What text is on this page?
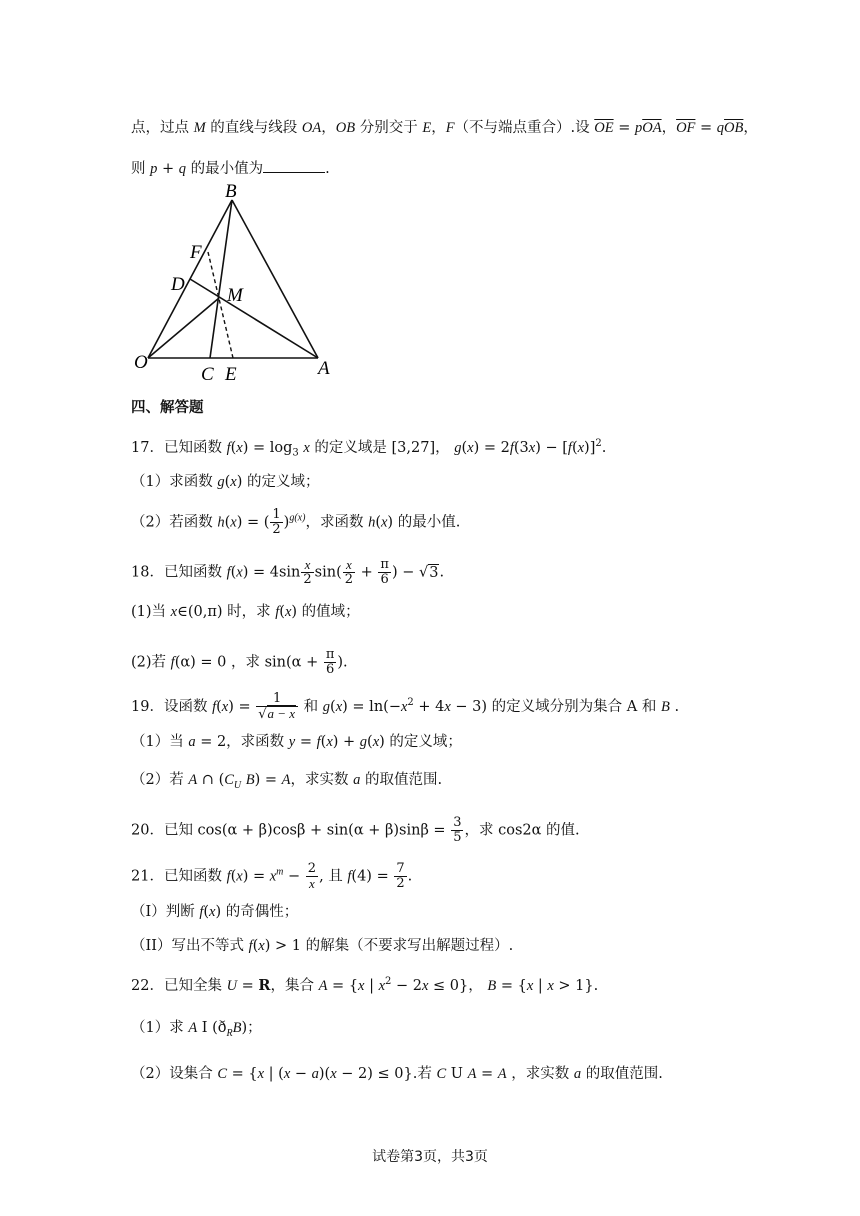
点，过点 M 的直线与线段 OA，OB 分别交于 E，F（不与端点重合）.设 $\overline{OE} = p\overline{OA}$，$\overline{OF} = q\overline{OB}$，
则 p + q 的最小值为	.
B
F
D
M
O
C E	A
四、解答题
17．已知函数 $f(x) = \log_3 x$ 的定义域是 [3,27]， $g(x) = 2f(3x) - [f(x)]^2$.
（1）求函数 g(x) 的定义域；
（2）若函数 h(x) = ( $\frac{1}{2} )^{g(x)}$，求函数 h(x) 的最小值.
18．已知函数 $f(x) = 4\sin \frac{x}{2} \sin( \frac{x}{2} + \frac{\pi}{6}$ ) − √3.
(1)当 x∈(0,π) 时，求 f(x) 的值域；
(2)若 f(α) = 0 ，求 $\sin(\alpha + \frac{\pi}{6}$ ).
19．设函数 $f(x) = \frac{1}{√a - x}$ 和 $g(x) = \ln(-x^2 + 4x - 3)$ 的定义域分别为集合 A 和 B .
（1）当 a = 2，求函数 y = f(x) + g(x) 的定义域；
（2）若 A ∩ ($C_U$ B) = A，求实数 a 的取值范围.
20．已知 $\cos(\alpha + \beta)\cos\beta + \sin(\alpha + \beta)\sin\beta = \frac{3}{5}$ ，求 cos2α 的值.
21．已知函数 $f(x) = x^m - \frac{2}{x}$ , 且 $f(4) = \frac{7}{2}$ .
（I）判断 f(x) 的奇偶性；
（II）写出不等式 f(x) > 1 的解集（不要求写出解题过程）.
22．已知全集 U = R，集合 A = {x | $x^2 - 2x \le 0$}， B = {x | x > 1}.
（1）求 A I $(ð_RB)$；
（2）设集合 C = {x | (x − a)(x − 2) ≤ 0}.若 C U A = A ，求实数 a 的取值范围.
试卷第3页，共3页
